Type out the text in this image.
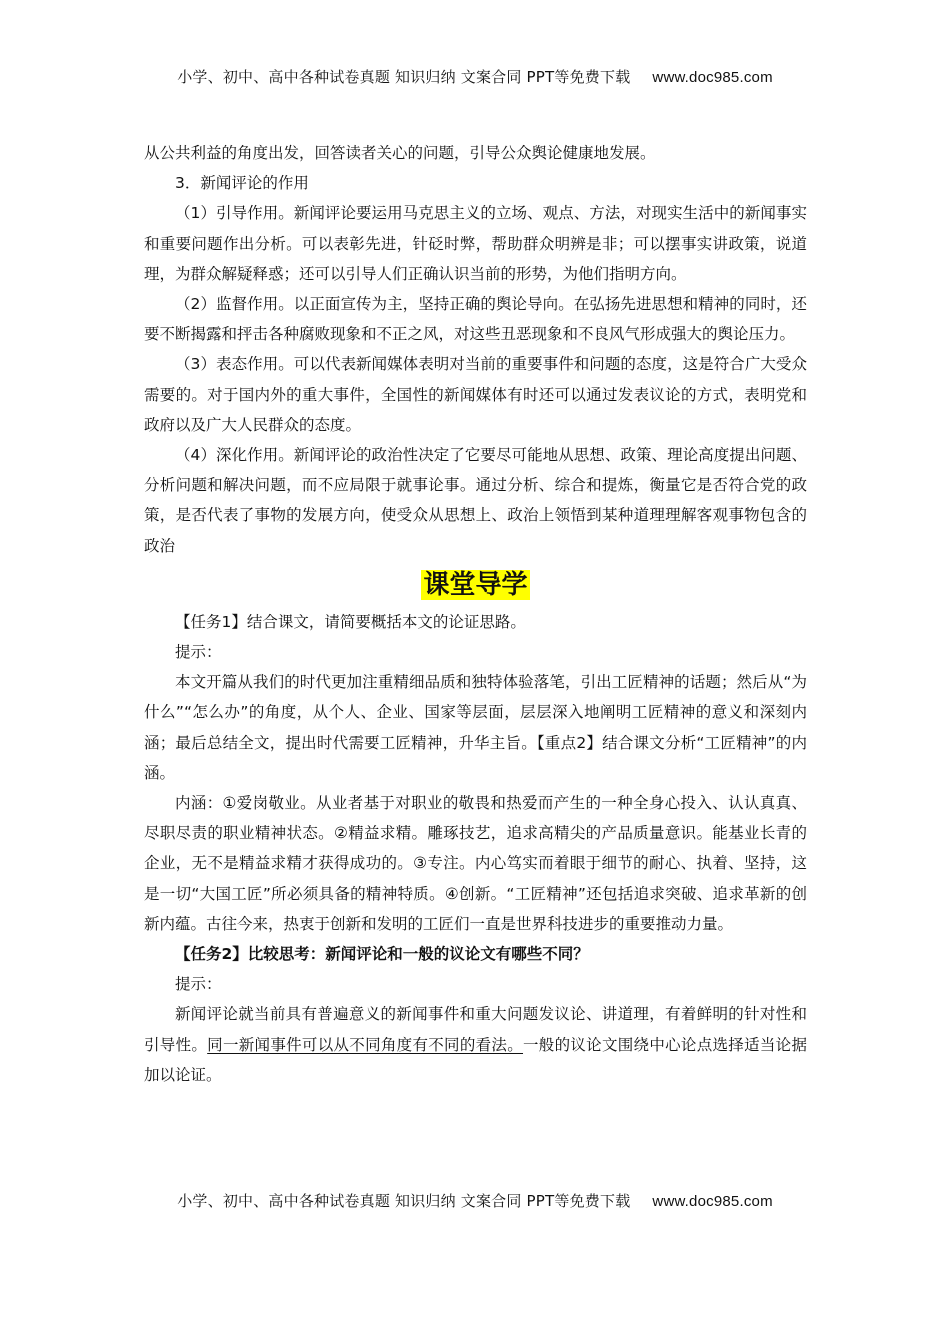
小学、初中、高中各种试卷真题 知识归纳 文案合同 PPT等免费下载 www.doc985.com

从公共利益的角度出发，回答读者关心的问题，引导公众舆论健康地发展。

3．新闻评论的作用

（1）引导作用。新闻评论要运用马克思主义的立场、观点、方法，对现实生活中的新闻事实和重要问题作出分析。可以表彰先进，针砭时弊，帮助群众明辨是非；可以摆事实讲政策，说道理，为群众解疑释惑；还可以引导人们正确认识当前的形势，为他们指明方向。

（2）监督作用。以正面宣传为主，坚持正确的舆论导向。在弘扬先进思想和精神的同时，还要不断揭露和抨击各种腐败现象和不正之风，对这些丑恶现象和不良风气形成强大的舆论压力。

（3）表态作用。可以代表新闻媒体表明对当前的重要事件和问题的态度，这是符合广大受众需要的。对于国内外的重大事件，全国性的新闻媒体有时还可以通过发表议论的方式，表明党和政府以及广大人民群众的态度。

（4）深化作用。新闻评论的政治性决定了它要尽可能地从思想、政策、理论高度提出问题、分析问题和解决问题，而不应局限于就事论事。通过分析、综合和提炼，衡量它是否符合党的政策，是否代表了事物的发展方向，使受众从思想上、政治上领悟到某种道理理解客观事物包含的政治

课堂导学

【任务1】结合课文，请简要概括本文的论证思路。

提示：

本文开篇从我们的时代更加注重精细品质和独特体验落笔，引出工匠精神的话题；然后从“为什么”“怎么办”的角度，从个人、企业、国家等层面，层层深入地阐明工匠精神的意义和深刻内涵；最后总结全文，提出时代需要工匠精神，升华主旨。【重点2】结合课文分析“工匠精神”的内涵。

内涵：①爱岗敬业。从业者基于对职业的敬畏和热爱而产生的一种全身心投入、认认真真、尽职尽责的职业精神状态。②精益求精。雕琢技艺，追求高精尖的产品质量意识。能基业长青的企业，无不是精益求精才获得成功的。③专注。内心笃实而着眼于细节的耐心、执着、坚持，这是一切“大国工匠”所必须具备的精神特质。④创新。“工匠精神”还包括追求突破、追求革新的创新内蕴。古往今来，热衷于创新和发明的工匠们一直是世界科技进步的重要推动力量。

【任务2】比较思考：新闻评论和一般的议论文有哪些不同？

提示：

新闻评论就当前具有普遍意义的新闻事件和重大问题发议论、讲道理，有着鲜明的针对性和引导性。同一新闻事件可以从不同角度有不同的看法。一般的议论文围绕中心论点选择适当论据加以论证。

小学、初中、高中各种试卷真题 知识归纳 文案合同 PPT等免费下载 www.doc985.com
